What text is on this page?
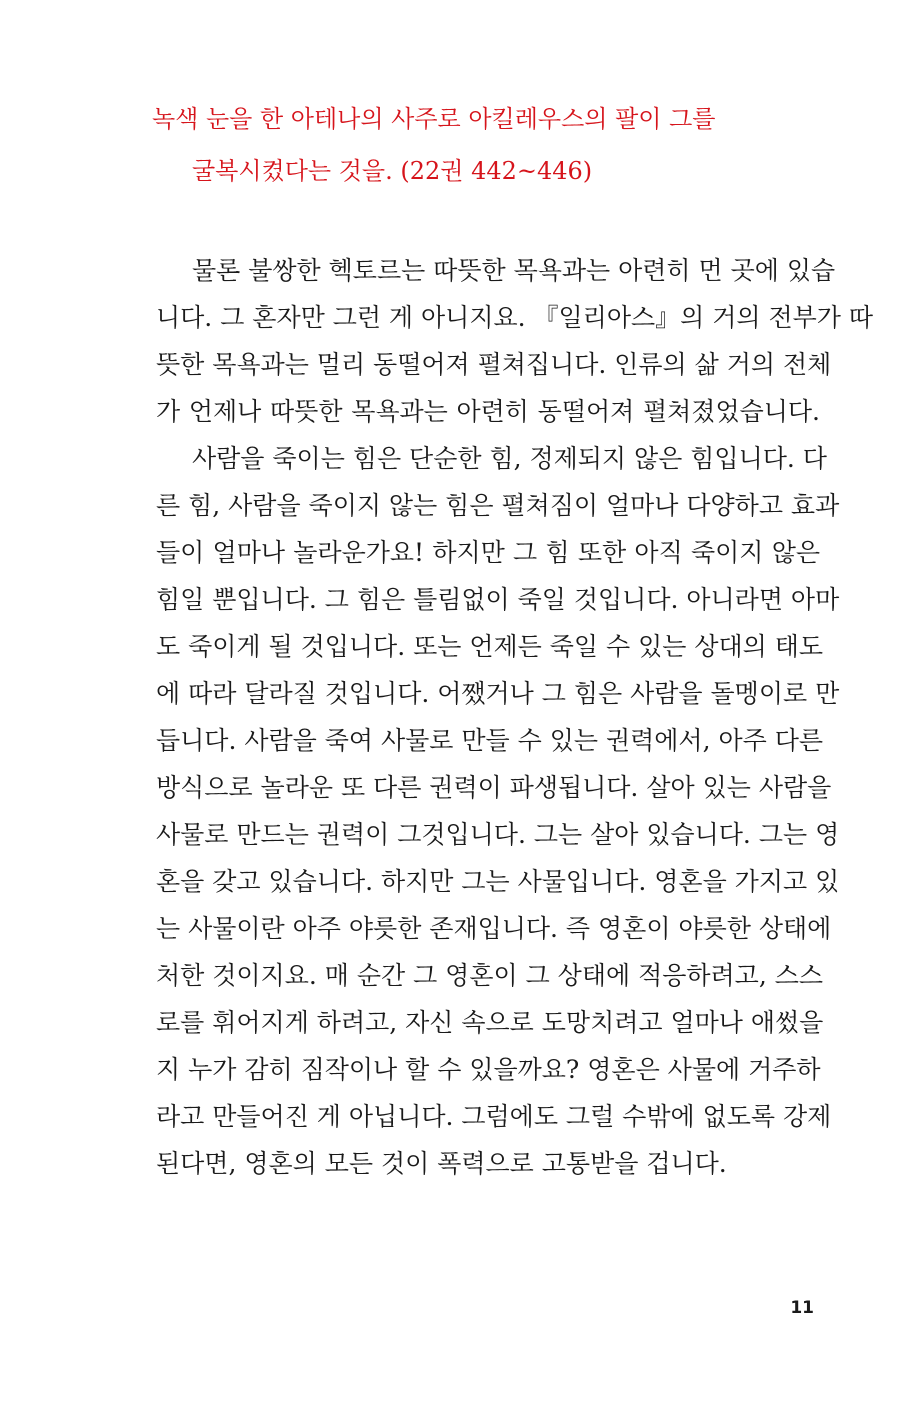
녹색 눈을 한 아테나의 사주로 아킬레우스의 팔이 그를
굴복시켰다는 것을. (22권 442~446)
물론 불쌍한 헥토르는 따뜻한 목욕과는 아련히 먼 곳에 있습
니다. 그 혼자만 그런 게 아니지요. 『일리아스』의 거의 전부가 따
뜻한 목욕과는 멀리 동떨어져 펼쳐집니다. 인류의 삶 거의 전체
가 언제나 따뜻한 목욕과는 아련히 동떨어져 펼쳐졌었습니다.
사람을 죽이는 힘은 단순한 힘, 정제되지 않은 힘입니다. 다
른 힘, 사람을 죽이지 않는 힘은 펼쳐짐이 얼마나 다양하고 효과
들이 얼마나 놀라운가요! 하지만 그 힘 또한 아직 죽이지 않은
힘일 뿐입니다. 그 힘은 틀림없이 죽일 것입니다. 아니라면 아마
도 죽이게 될 것입니다. 또는 언제든 죽일 수 있는 상대의 태도
에 따라 달라질 것입니다. 어쨌거나 그 힘은 사람을 돌멩이로 만
듭니다. 사람을 죽여 사물로 만들 수 있는 권력에서, 아주 다른
방식으로 놀라운 또 다른 권력이 파생됩니다. 살아 있는 사람을
사물로 만드는 권력이 그것입니다. 그는 살아 있습니다. 그는 영
혼을 갖고 있습니다. 하지만 그는 사물입니다. 영혼을 가지고 있
는 사물이란 아주 야릇한 존재입니다. 즉 영혼이 야릇한 상태에
처한 것이지요. 매 순간 그 영혼이 그 상태에 적응하려고, 스스
로를 휘어지게 하려고, 자신 속으로 도망치려고 얼마나 애썼을
지 누가 감히 짐작이나 할 수 있을까요? 영혼은 사물에 거주하
라고 만들어진 게 아닙니다. 그럼에도 그럴 수밖에 없도록 강제
된다면, 영혼의 모든 것이 폭력으로 고통받을 겁니다.
11
